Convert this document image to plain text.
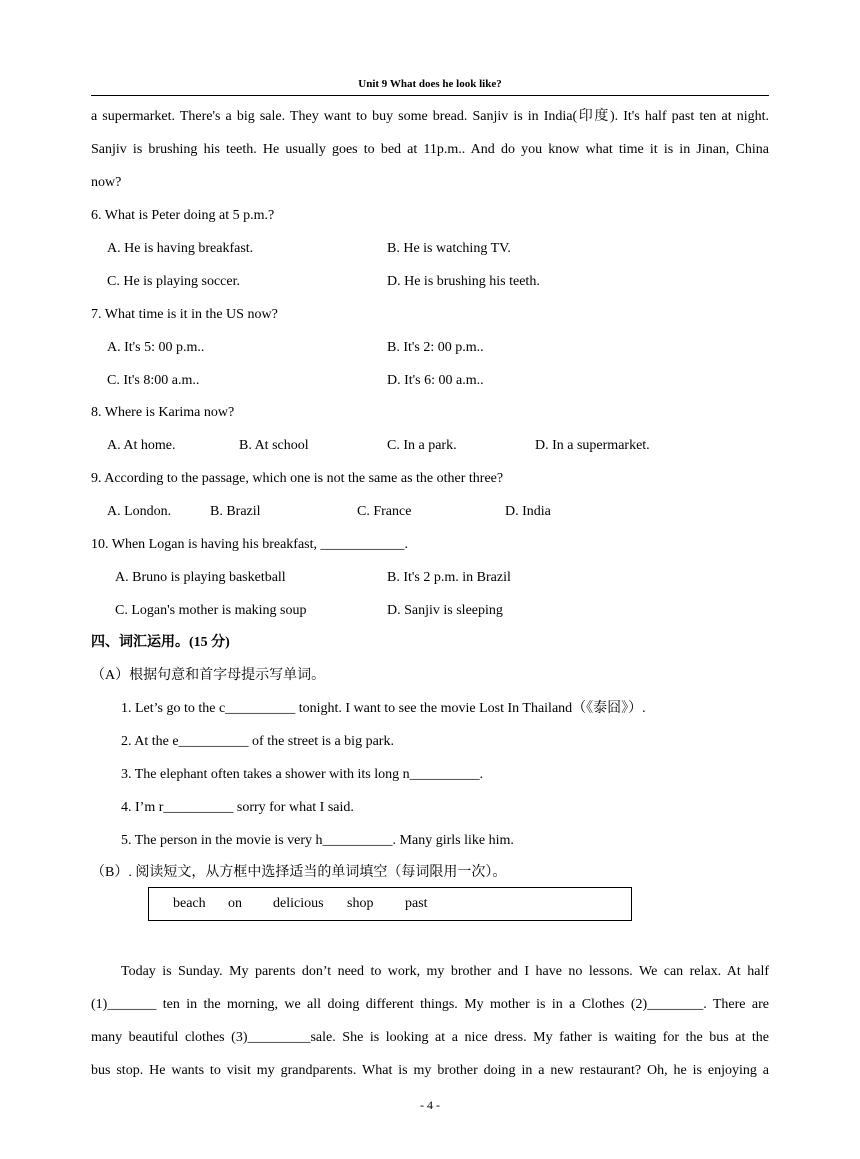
Unit 9 What does he look like?
a supermarket. There's a big sale. They want to buy some bread. Sanjiv is in India(印度). It's half past ten at night.
Sanjiv is brushing his teeth. He usually goes to bed at 11p.m.. And do you know what time it is in Jinan, China
now?
6. What is Peter doing at 5 p.m.?
A. He is having breakfast.	B. He is watching TV.
C. He is playing soccer.	D. He is brushing his teeth.
7. What time is it in the US now?
A. It's 5: 00 p.m..	B. It's 2: 00 p.m..
C. It's 8:00 a.m..	D. It's 6: 00 a.m..
8. Where is Karima now?
A. At home.	B. At school	C. In a park.	D. In a supermarket.
9. According to the passage, which one is not the same as the other three?
A. London.	B. Brazil	C. France	D. India
10. When Logan is having his breakfast, ____________.
A. Bruno is playing basketball	B. It's 2 p.m. in Brazil
C. Logan's mother is making soup	D. Sanjiv is sleeping
四、词汇运用。(15 分)
（A）根据句意和首字母提示写单词。
1. Let’s go to the c__________ tonight. I want to see the movie Lost In Thailand（《泰囧》）.
2. At the e__________ of the street is a big park.
3. The elephant often takes a shower with its long n__________.
4. I’m r__________ sorry for what I said.
5. The person in the movie is very h__________. Many girls like him.
（B）. 阅读短文，从方框中选择适当的单词填空（每词限用一次）。
beach on delicious shop past
Today is Sunday. My parents don’t need to work, my brother and I have no lessons. We can relax. At half
(1)_______ ten in the morning, we all doing different things. My mother is in a Clothes (2)________. There are
many beautiful clothes (3)_________sale. She is looking at a nice dress. My father is waiting for the bus at the
bus stop. He wants to visit my grandparents. What is my brother doing in a new restaurant? Oh, he is enjoying a
- 4 -
